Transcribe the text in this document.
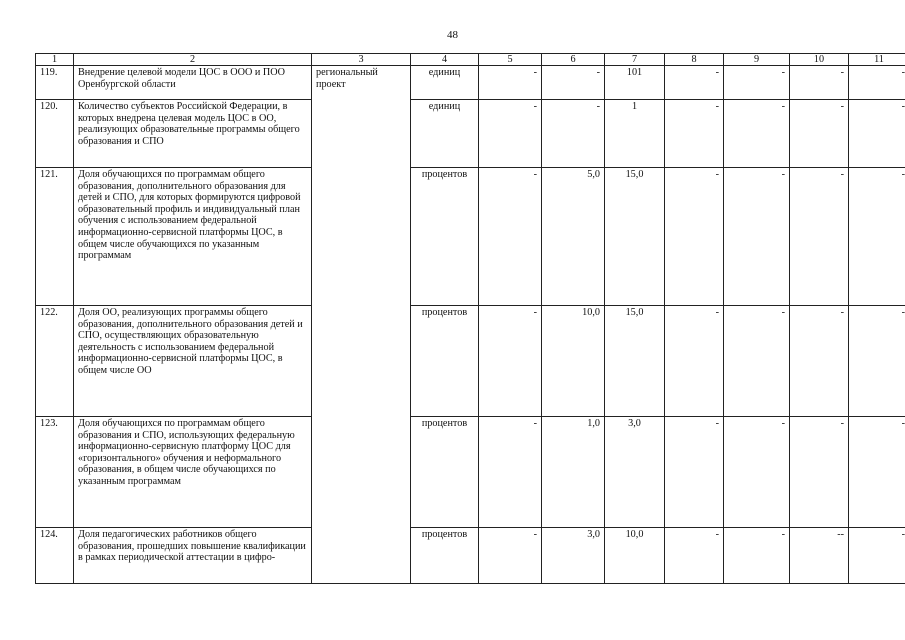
48
1	2	3	4	5	6	7	8	9	10	11
119.	Внедрение целевой модели ЦОС в ООО и ПОО Оренбургской области	региональный проект	единиц	-	-	101	-	-	-	-
120.	Количество субъектов Российской Федерации, в которых внедрена целевая модель ЦОС в ОО, реализующих образовательные программы общего образования и СПО		единиц	-	-	1	-	-	-	-
121.	Доля обучающихся по программам общего образования, дополнительного образования для детей и СПО, для которых формируются цифровой образовательный профиль и индивидуальный план обучения с использованием федеральной информационно-сервисной платформы ЦОС, в общем числе обучающихся по указанным программам		процентов	-	5,0	15,0	-	-	-	-
122.	Доля ОО, реализующих программы общего образования, дополнительного образования детей и СПО, осуществляющих образовательную деятельность с использованием федеральной информационно-сервисной платформы ЦОС, в общем числе ОО		процентов	-	10,0	15,0	-	-	-	-
123.	Доля обучающихся по программам общего образования и СПО, использующих федеральную информационно-сервисную платформу ЦОС для «горизонтального» обучения и неформального образования, в общем числе обучающихся по указанным программам		процентов	-	1,0	3,0	-	-	-	-
124.	Доля педагогических работников общего образования, прошедших повышение квалификации в рамках периодической аттестации в цифро-		процентов	-	3,0	10,0	-	-	--	-
